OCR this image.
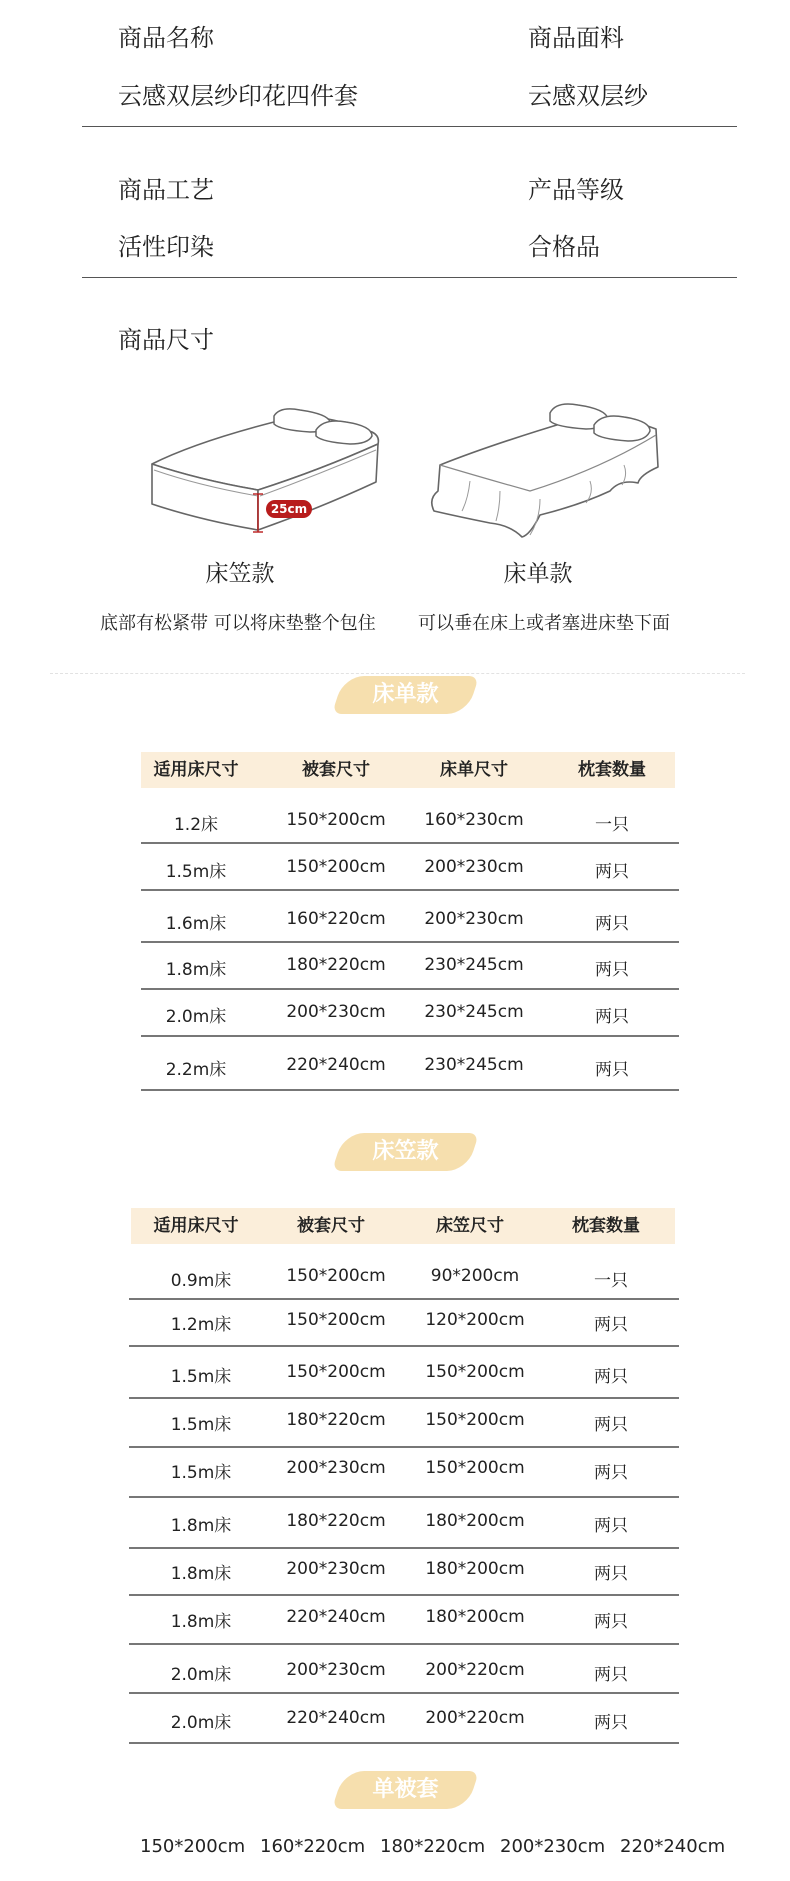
商品名称	商品面料
云感双层纱印花四件套	云感双层纱
商品工艺	产品等级
活性印染	合格品
商品尺寸
25cm
床笠款	床单款
底部有松紧带 可以将床垫整个包住 可以垂在床上或者塞进床垫下面
床单款
适用床尺寸	被套尺寸	床单尺寸	枕套数量
1.2床	150*200cm	160*230cm	一只
1.5m床	150*200cm	200*230cm	两只
1.6m床	160*220cm	200*230cm	两只
1.8m床	180*220cm	230*245cm	两只
2.0m床	200*230cm	230*245cm	两只
2.2m床	220*240cm	230*245cm	两只
床笠款
适用床尺寸	被套尺寸	床笠尺寸	枕套数量
0.9m床	150*200cm	90*200cm	一只
1.2m床	150*200cm	120*200cm	两只
1.5m床	150*200cm	150*200cm	两只
1.5m床	180*220cm	150*200cm	两只
1.5m床	200*230cm	150*200cm	两只
1.8m床	180*220cm	180*200cm	两只
1.8m床	200*230cm	180*200cm	两只
1.8m床	220*240cm	180*200cm	两只
2.0m床	200*230cm	200*220cm	两只
2.0m床	220*240cm	200*220cm	两只
单被套
150*200cm 160*220cm 180*220cm 200*230cm 220*240cm
